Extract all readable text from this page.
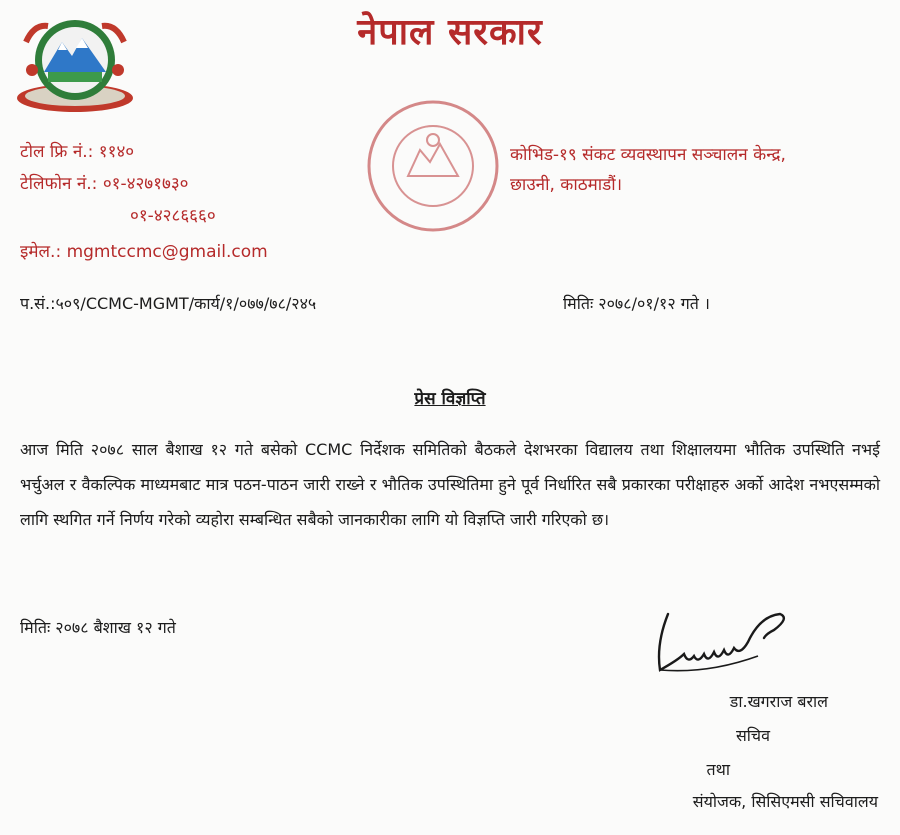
नेपाल सरकार
टोल फ्रि नं.: ११४०
टेलिफोन नं.: ०१-४२७१७३०
०१-४२८६६६०
इमेल.: mgmtccmc@gmail.com
कोभिड-१९ संकट व्यवस्थापन सञ्चालन केन्द्र,
छाउनी, काठमाडौं।
प.सं.:५०९/CCMC-MGMT/कार्य/१/०७७/७८/२४५	मितिः २०७८/०१/१२ गते ।
प्रेस विज्ञप्ति
आज मिति २०७८ साल बैशाख १२ गते बसेको CCMC निर्देशक समितिको बैठकले देशभरका विद्यालय तथा शिक्षालयमा भौतिक उपस्थिति नभई भर्चुअल र वैकल्पिक माध्यमबाट मात्र पठन-पाठन जारी राख्ने र भौतिक उपस्थितिमा हुने पूर्व निर्धारित सबै प्रकारका परीक्षाहरु अर्को आदेश नभएसम्मको लागि स्थगित गर्ने निर्णय गरेको व्यहोरा सम्बन्धित सबैको जानकारीका लागि यो विज्ञप्ति जारी गरिएको छ।
मितिः २०७८ बैशाख १२ गते
डा.खगराज बराल
सचिव
तथा
संयोजक, सिसिएमसी सचिवालय
